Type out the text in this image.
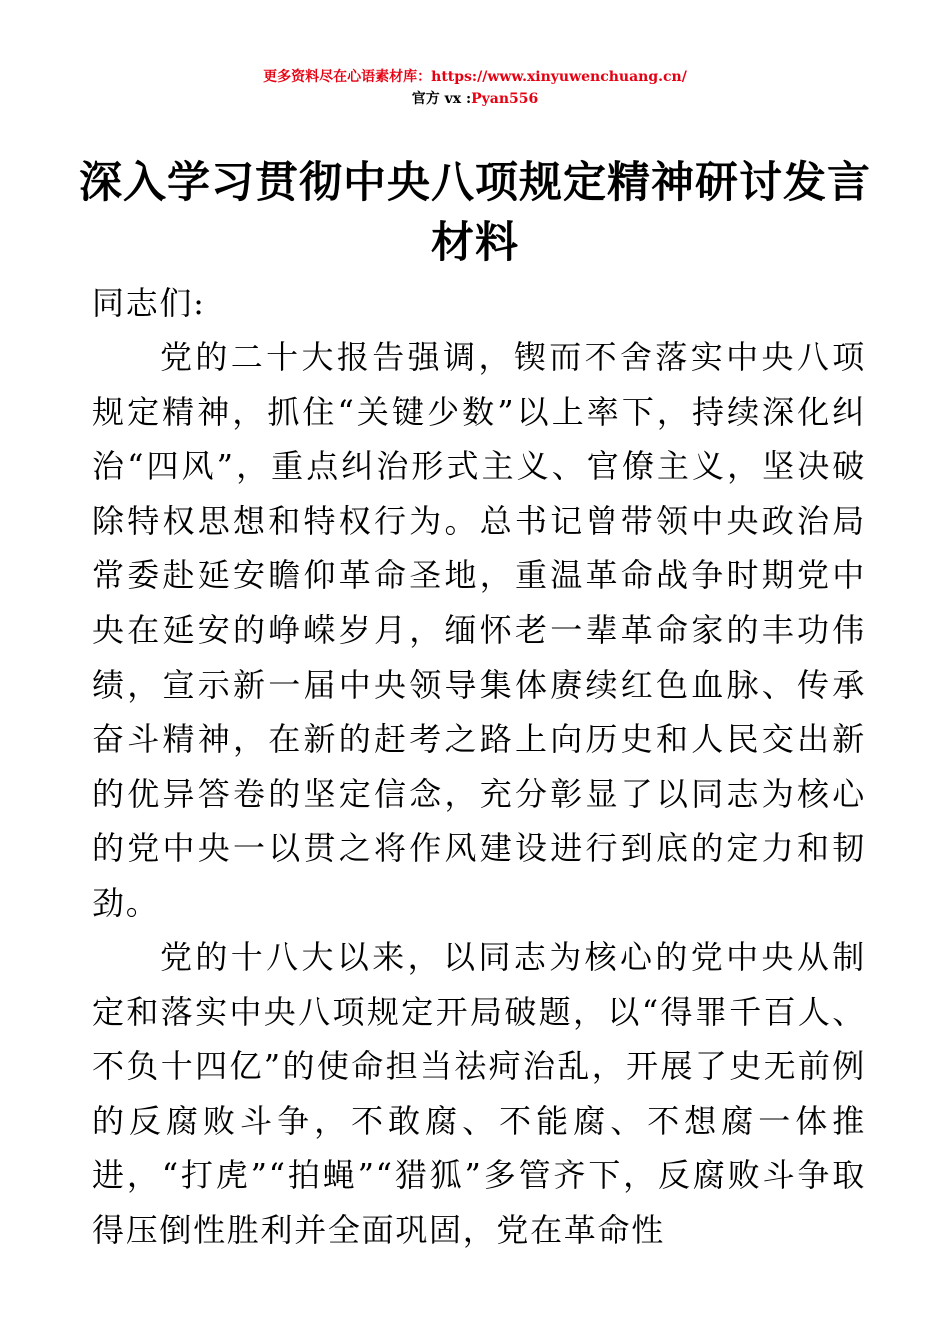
更多资料尽在心语素材库：https://www.xinyuwenchuang.cn/
官方 vx :Pyan556
深入学习贯彻中央八项规定精神研讨发言材料

同志们:

党的二十大报告强调，锲而不舍落实中央八项规定精神，抓住“关键少数”以上率下，持续深化纠治“四风”，重点纠治形式主义、官僚主义，坚决破除特权思想和特权行为。总书记曾带领中央政治局常委赴延安瞻仰革命圣地，重温革命战争时期党中央在延安的峥嵘岁月，缅怀老一辈革命家的丰功伟绩，宣示新一届中央领导集体赓续红色血脉、传承奋斗精神，在新的赶考之路上向历史和人民交出新的优异答卷的坚定信念，充分彰显了以同志为核心的党中央一以贯之将作风建设进行到底的定力和韧劲。

党的十八大以来，以同志为核心的党中央从制定和落实中央八项规定开局破题，以“得罪千百人、不负十四亿”的使命担当祛疴治乱，开展了史无前例的反腐败斗争，不敢腐、不能腐、不想腐一体推进，“打虎”“拍蝇”“猎狐”多管齐下，反腐败斗争取得压倒性胜利并全面巩固，党在革命性
